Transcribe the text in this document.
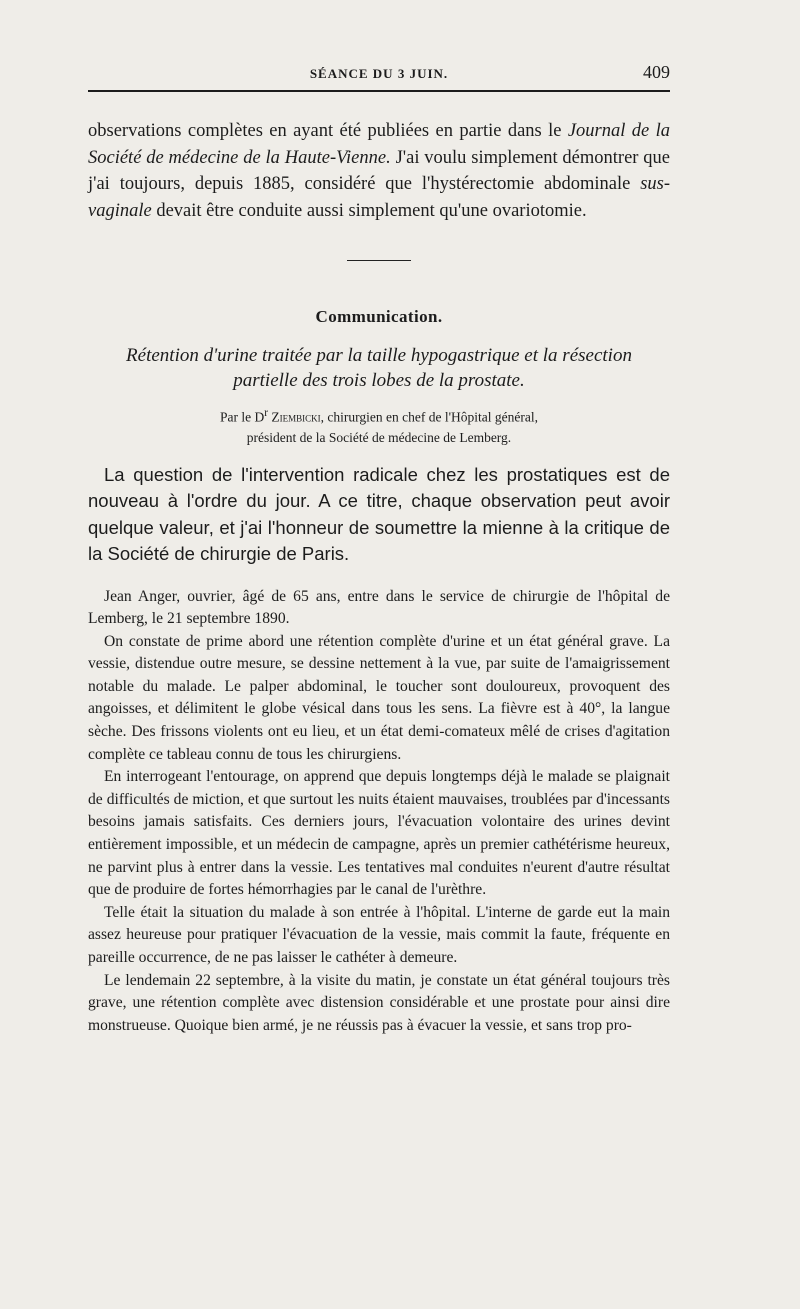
SÉANCE DU 3 JUIN.	409

observations complètes en ayant été publiées en partie dans le Journal de la Société de médecine de la Haute-Vienne. J'ai voulu simplement démontrer que j'ai toujours, depuis 1885, considéré que l'hystérectomie abdominale sus-vaginale devait être conduite aussi simplement qu'une ovariotomie.

Communication.
Rétention d'urine traitée par la taille hypogastrique et la résection
partielle des trois lobes de la prostate.
Par le $D^r$ Ziembicki, chirurgien en chef de l'Hôpital général,
président de la Société de médecine de Lemberg.

La question de l'intervention radicale chez les prostatiques est de nouveau à l'ordre du jour. A ce titre, chaque observation peut avoir quelque valeur, et j'ai l'honneur de soumettre la mienne à la critique de la Société de chirurgie de Paris.

Jean Anger, ouvrier, âgé de 65 ans, entre dans le service de chirurgie de l'hôpital de Lemberg, le 21 septembre 1890.

On constate de prime abord une rétention complète d'urine et un état général grave. La vessie, distendue outre mesure, se dessine nettement à la vue, par suite de l'amaigrissement notable du malade. Le palper abdominal, le toucher sont douloureux, provoquent des angoisses, et délimitent le globe vésical dans tous les sens. La fièvre est à 40°, la langue sèche. Des frissons violents ont eu lieu, et un état demi-comateux mêlé de crises d'agitation complète ce tableau connu de tous les chirurgiens.

En interrogeant l'entourage, on apprend que depuis longtemps déjà le malade se plaignait de difficultés de miction, et que surtout les nuits étaient mauvaises, troublées par d'incessants besoins jamais satisfaits. Ces derniers jours, l'évacuation volontaire des urines devint entièrement impossible, et un médecin de campagne, après un premier cathétérisme heureux, ne parvint plus à entrer dans la vessie. Les tentatives mal conduites n'eurent d'autre résultat que de produire de fortes hémorrhagies par le canal de l'urèthre.

Telle était la situation du malade à son entrée à l'hôpital. L'interne de garde eut la main assez heureuse pour pratiquer l'évacuation de la vessie, mais commit la faute, fréquente en pareille occurrence, de ne pas laisser le cathéter à demeure.

Le lendemain 22 septembre, à la visite du matin, je constate un état général toujours très grave, une rétention complète avec distension considérable et une prostate pour ainsi dire monstrueuse. Quoique bien armé, je ne réussis pas à évacuer la vessie, et sans trop pro-
